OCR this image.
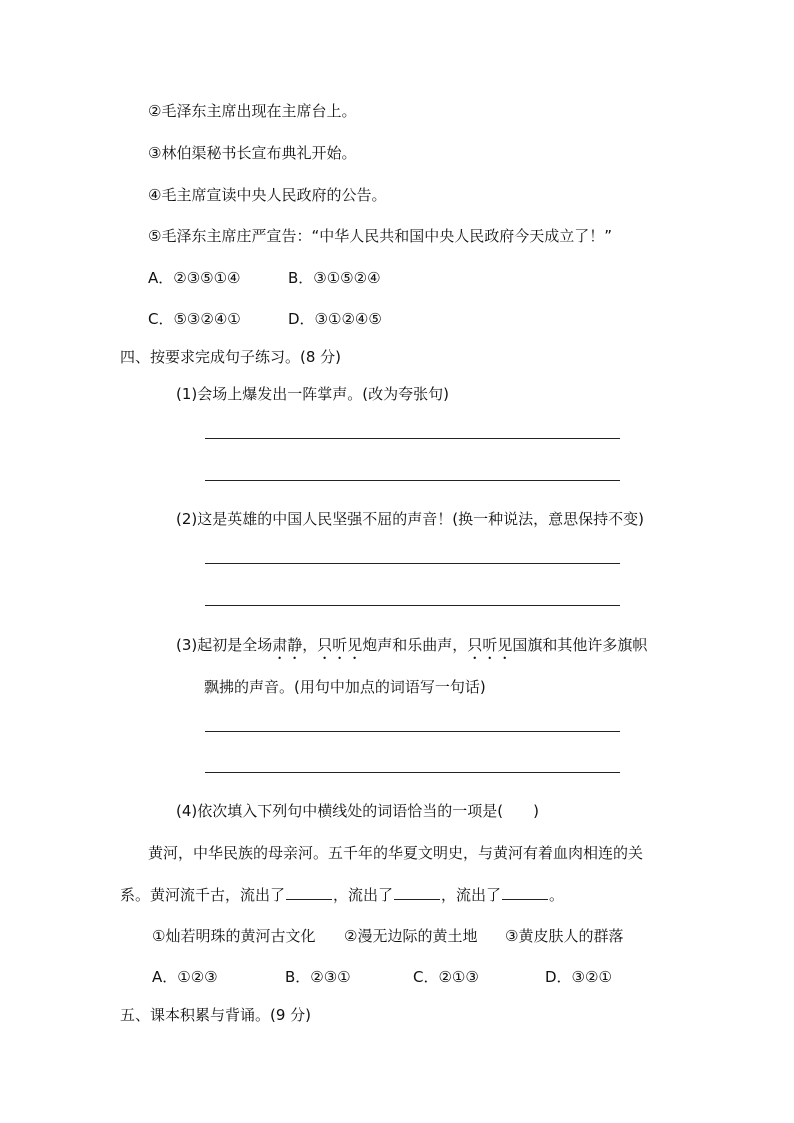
②毛泽东主席出现在主席台上。
③林伯渠秘书长宣布典礼开始。
④毛主席宣读中央人民政府的公告。
⑤毛泽东主席庄严宣告：“中华人民共和国中央人民政府今天成立了！”
A．②③⑤①④	B．③①⑤②④
C．⑤③②④①	D．③①②④⑤
四、按要求完成句子练习。(8 分)
(1)会场上爆发出一阵掌声。(改为夸张句)
(2)这是英雄的中国人民坚强不屈的声音！(换一种说法，意思保持不变)
(3)起初是全场肃静，只听见炮声和乐曲声，只听见国旗和其他许多旗帜
飘拂的声音。(用句中加点的词语写一句话)
(4)依次填入下列句中横线处的词语恰当的一项是(　　)
黄河，中华民族的母亲河。五千年的华夏文明史，与黄河有着血肉相连的关
系。黄河流千古，流出了	，流出了	，流出了	。
①灿若明珠的黄河古文化 ②漫无边际的黄土地 ③黄皮肤人的群落
A．①②③	B．②③①	C．②①③	D．③②①
五、课本积累与背诵。(9 分)
